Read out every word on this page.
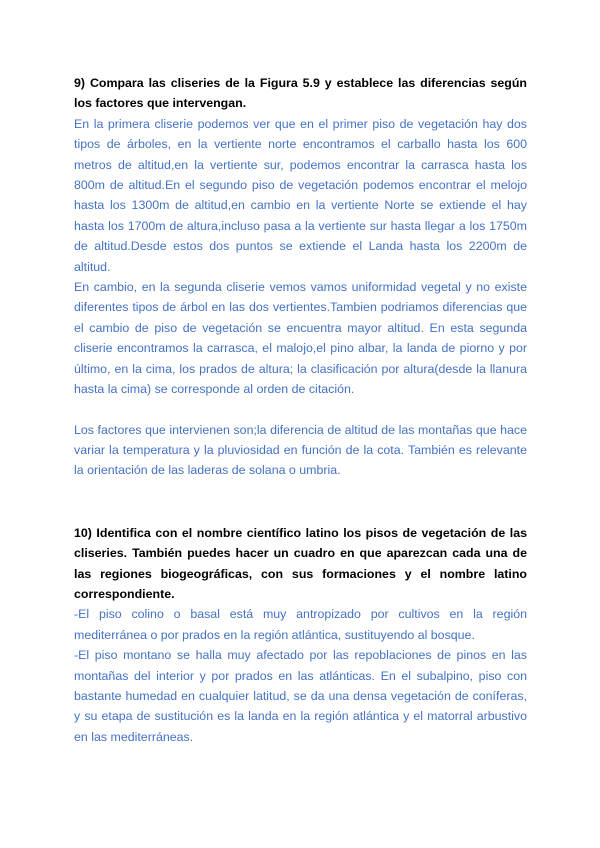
9) Compara las cliseries de la Figura 5.9 y establece las diferencias según los factores que intervengan.

En la primera cliserie podemos ver que en el primer piso de vegetación hay dos tipos de árboles, en la vertiente norte encontramos el carballo hasta los 600 metros de altitud,en la vertiente sur, podemos encontrar la carrasca hasta los 800m de altitud.En el segundo piso de vegetación podemos encontrar el melojo hasta los 1300m de altitud,en cambio en la vertiente Norte se extiende el hay hasta los 1700m de altura,incluso pasa a la vertiente sur hasta llegar a los 1750m de altitud.Desde estos dos puntos se extiende el Landa hasta los 2200m de altitud.

En cambio, en la segunda cliserie vemos vamos uniformidad vegetal y no existe diferentes tipos de árbol en las dos vertientes.Tambien podriamos diferencias que el cambio de piso de vegetación se encuentra mayor altitud. En esta segunda cliserie encontramos la carrasca, el malojo,el pino albar, la landa de piorno y por último, en la cima, los prados de altura; la clasificación por altura(desde la llanura hasta la cima) se corresponde al orden de citación.

Los factores que intervienen son;la diferencia de altitud de las montañas que hace variar la temperatura y la pluviosidad en función de la cota. También es relevante la orientación de las laderas de solana o umbria.

10) Identifica con el nombre científico latino los pisos de vegetación de las cliseries. También puedes hacer un cuadro en que aparezcan cada una de las regiones biogeográficas, con sus formaciones y el nombre latino correspondiente.

-El piso colino o basal está muy antropizado por cultivos en la región mediterránea o por prados en la región atlántica, sustituyendo al bosque.

-El piso montano se halla muy afectado por las repoblaciones de pinos en las montañas del interior y por prados en las atlánticas. En el subalpino, piso con bastante humedad en cualquier latitud, se da una densa vegetación de coníferas, y su etapa de sustitución es la landa en la región atlántica y el matorral arbustivo en las mediterráneas.
